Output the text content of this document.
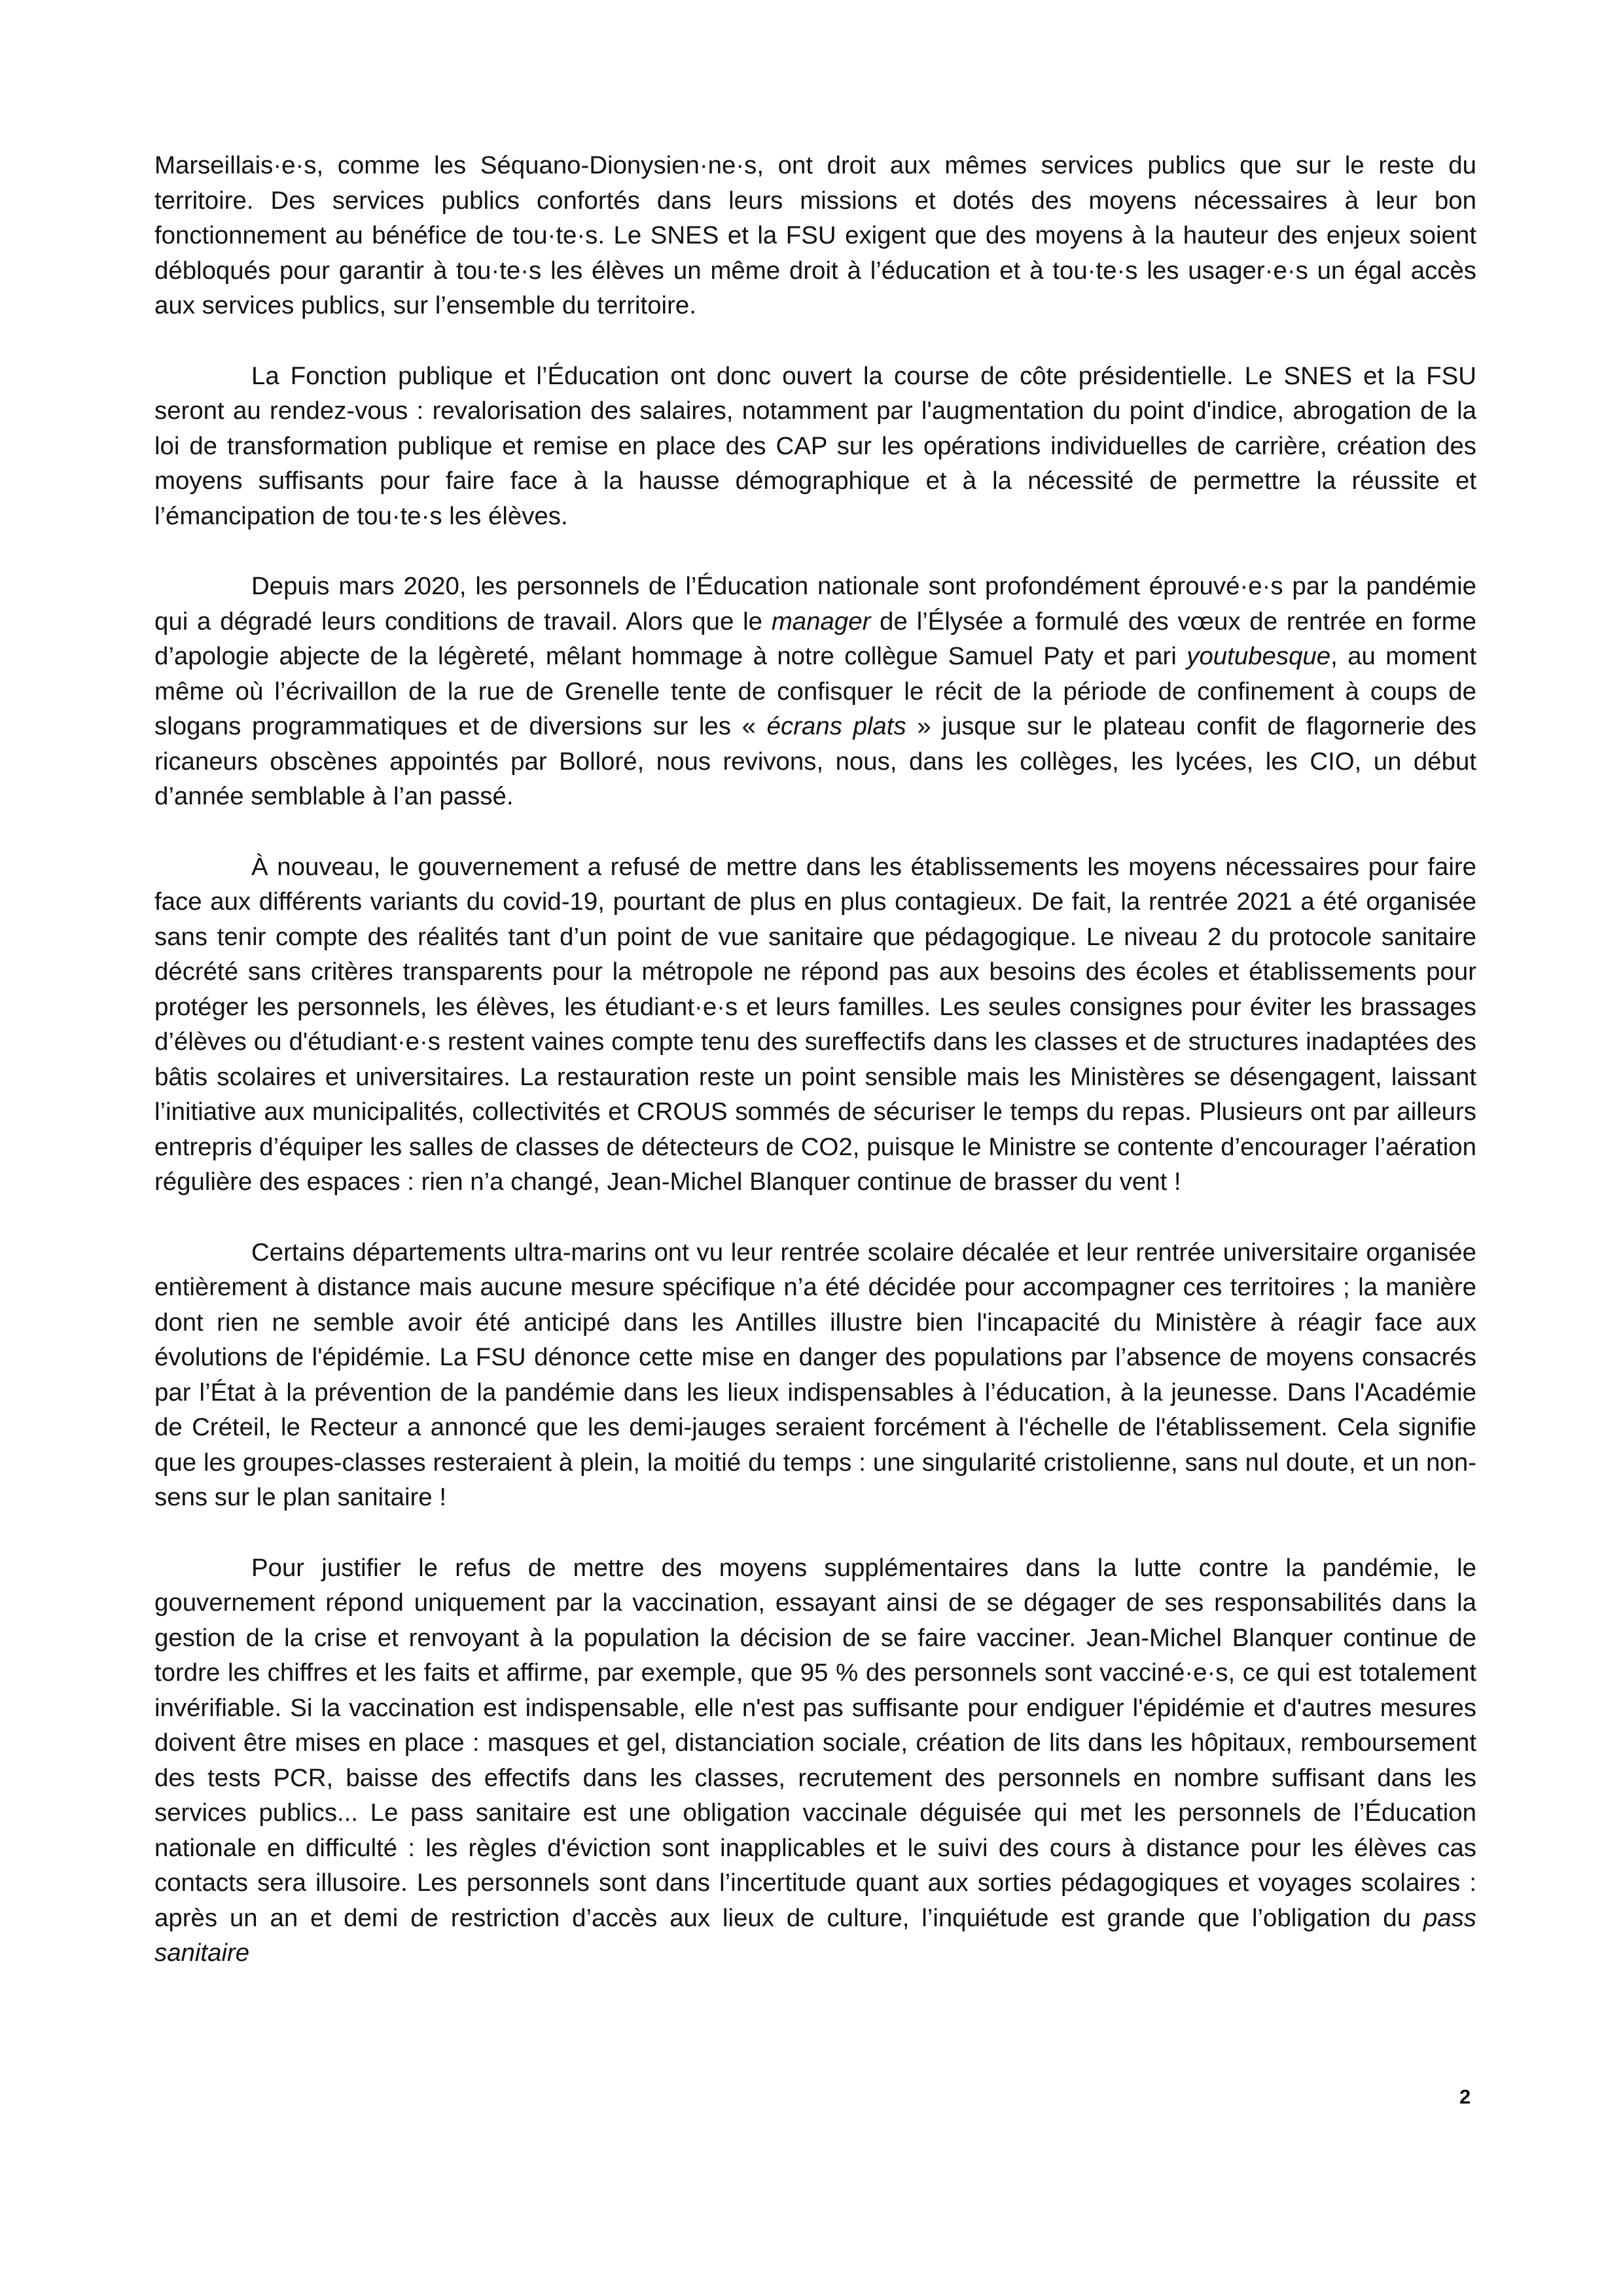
Marseillais·e·s, comme les Séquano-Dionysien·ne·s, ont droit aux mêmes services publics que sur le reste du territoire. Des services publics confortés dans leurs missions et dotés des moyens nécessaires à leur bon fonctionnement au bénéfice de tou·te·s. Le SNES et la FSU exigent que des moyens à la hauteur des enjeux soient débloqués pour garantir à tou·te·s les élèves un même droit à l’éducation et à tou·te·s les usager·e·s un égal accès aux services publics, sur l’ensemble du territoire.

La Fonction publique et l’Éducation ont donc ouvert la course de côte présidentielle. Le SNES et la FSU seront au rendez-vous : revalorisation des salaires, notamment par l'augmentation du point d'indice, abrogation de la loi de transformation publique et remise en place des CAP sur les opérations individuelles de carrière, création des moyens suffisants pour faire face à la hausse démographique et à la nécessité de permettre la réussite et l’émancipation de tou·te·s les élèves.

Depuis mars 2020, les personnels de l’Éducation nationale sont profondément éprouvé·e·s par la pandémie qui a dégradé leurs conditions de travail. Alors que le manager de l’Élysée a formulé des vœux de rentrée en forme d’apologie abjecte de la légèreté, mêlant hommage à notre collègue Samuel Paty et pari youtubesque, au moment même où l’écrivaillon de la rue de Grenelle tente de confisquer le récit de la période de confinement à coups de slogans programmatiques et de diversions sur les « écrans plats » jusque sur le plateau confit de flagornerie des ricaneurs obscènes appointés par Bolloré, nous revivons, nous, dans les collèges, les lycées, les CIO, un début d’année semblable à l’an passé.

À nouveau, le gouvernement a refusé de mettre dans les établissements les moyens nécessaires pour faire face aux différents variants du covid-19, pourtant de plus en plus contagieux. De fait, la rentrée 2021 a été organisée sans tenir compte des réalités tant d’un point de vue sanitaire que pédagogique. Le niveau 2 du protocole sanitaire décrété sans critères transparents pour la métropole ne répond pas aux besoins des écoles et établissements pour protéger les personnels, les élèves, les étudiant·e·s et leurs familles. Les seules consignes pour éviter les brassages d’élèves ou d'étudiant·e·s restent vaines compte tenu des sureffectifs dans les classes et de structures inadaptées des bâtis scolaires et universitaires. La restauration reste un point sensible mais les Ministères se désengagent, laissant l’initiative aux municipalités, collectivités et CROUS sommés de sécuriser le temps du repas. Plusieurs ont par ailleurs entrepris d’équiper les salles de classes de détecteurs de CO2, puisque le Ministre se contente d’encourager l’aération régulière des espaces : rien n’a changé, Jean-Michel Blanquer continue de brasser du vent !

Certains départements ultra-marins ont vu leur rentrée scolaire décalée et leur rentrée universitaire organisée entièrement à distance mais aucune mesure spécifique n’a été décidée pour accompagner ces territoires ; la manière dont rien ne semble avoir été anticipé dans les Antilles illustre bien l'incapacité du Ministère à réagir face aux évolutions de l'épidémie. La FSU dénonce cette mise en danger des populations par l’absence de moyens consacrés par l’État à la prévention de la pandémie dans les lieux indispensables à l’éducation, à la jeunesse. Dans l'Académie de Créteil, le Recteur a annoncé que les demi-jauges seraient forcément à l'échelle de l'établissement. Cela signifie que les groupes-classes resteraient à plein, la moitié du temps : une singularité cristolienne, sans nul doute, et un non-sens sur le plan sanitaire !

Pour justifier le refus de mettre des moyens supplémentaires dans la lutte contre la pandémie, le gouvernement répond uniquement par la vaccination, essayant ainsi de se dégager de ses responsabilités dans la gestion de la crise et renvoyant à la population la décision de se faire vacciner. Jean-Michel Blanquer continue de tordre les chiffres et les faits et affirme, par exemple, que 95 % des personnels sont vacciné·e·s, ce qui est totalement invérifiable. Si la vaccination est indispensable, elle n'est pas suffisante pour endiguer l'épidémie et d'autres mesures doivent être mises en place : masques et gel, distanciation sociale, création de lits dans les hôpitaux, remboursement des tests PCR, baisse des effectifs dans les classes, recrutement des personnels en nombre suffisant dans les services publics... Le pass sanitaire est une obligation vaccinale déguisée qui met les personnels de l’Éducation nationale en difficulté : les règles d'éviction sont inapplicables et le suivi des cours à distance pour les élèves cas contacts sera illusoire. Les personnels sont dans l’incertitude quant aux sorties pédagogiques et voyages scolaires : après un an et demi de restriction d’accès aux lieux de culture, l’inquiétude est grande que l’obligation du pass sanitaire

2
